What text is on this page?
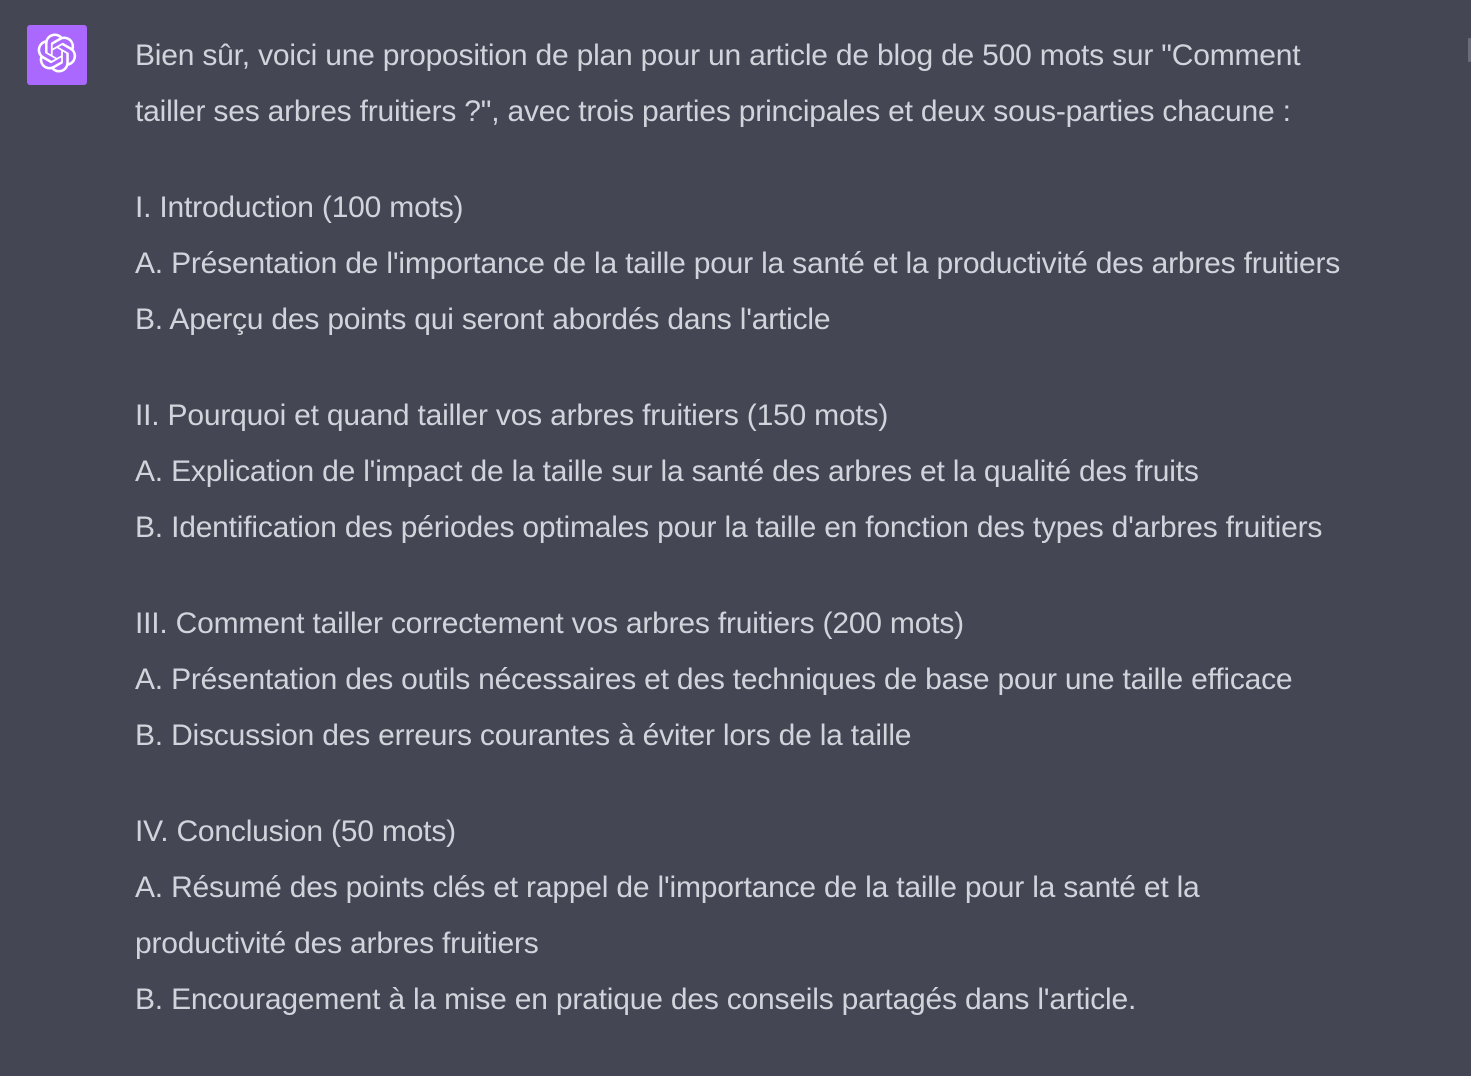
Bien sûr, voici une proposition de plan pour un article de blog de 500 mots sur "Comment

tailler ses arbres fruitiers ?", avec trois parties principales et deux sous-parties chacune :

I. Introduction (100 mots)

A. Présentation de l'importance de la taille pour la santé et la productivité des arbres fruitiers

B. Aperçu des points qui seront abordés dans l'article

II. Pourquoi et quand tailler vos arbres fruitiers (150 mots)

A. Explication de l'impact de la taille sur la santé des arbres et la qualité des fruits

B. Identification des périodes optimales pour la taille en fonction des types d'arbres fruitiers

III. Comment tailler correctement vos arbres fruitiers (200 mots)

A. Présentation des outils nécessaires et des techniques de base pour une taille efficace

B. Discussion des erreurs courantes à éviter lors de la taille

IV. Conclusion (50 mots)

A. Résumé des points clés et rappel de l'importance de la taille pour la santé et la

productivité des arbres fruitiers

B. Encouragement à la mise en pratique des conseils partagés dans l'article.
